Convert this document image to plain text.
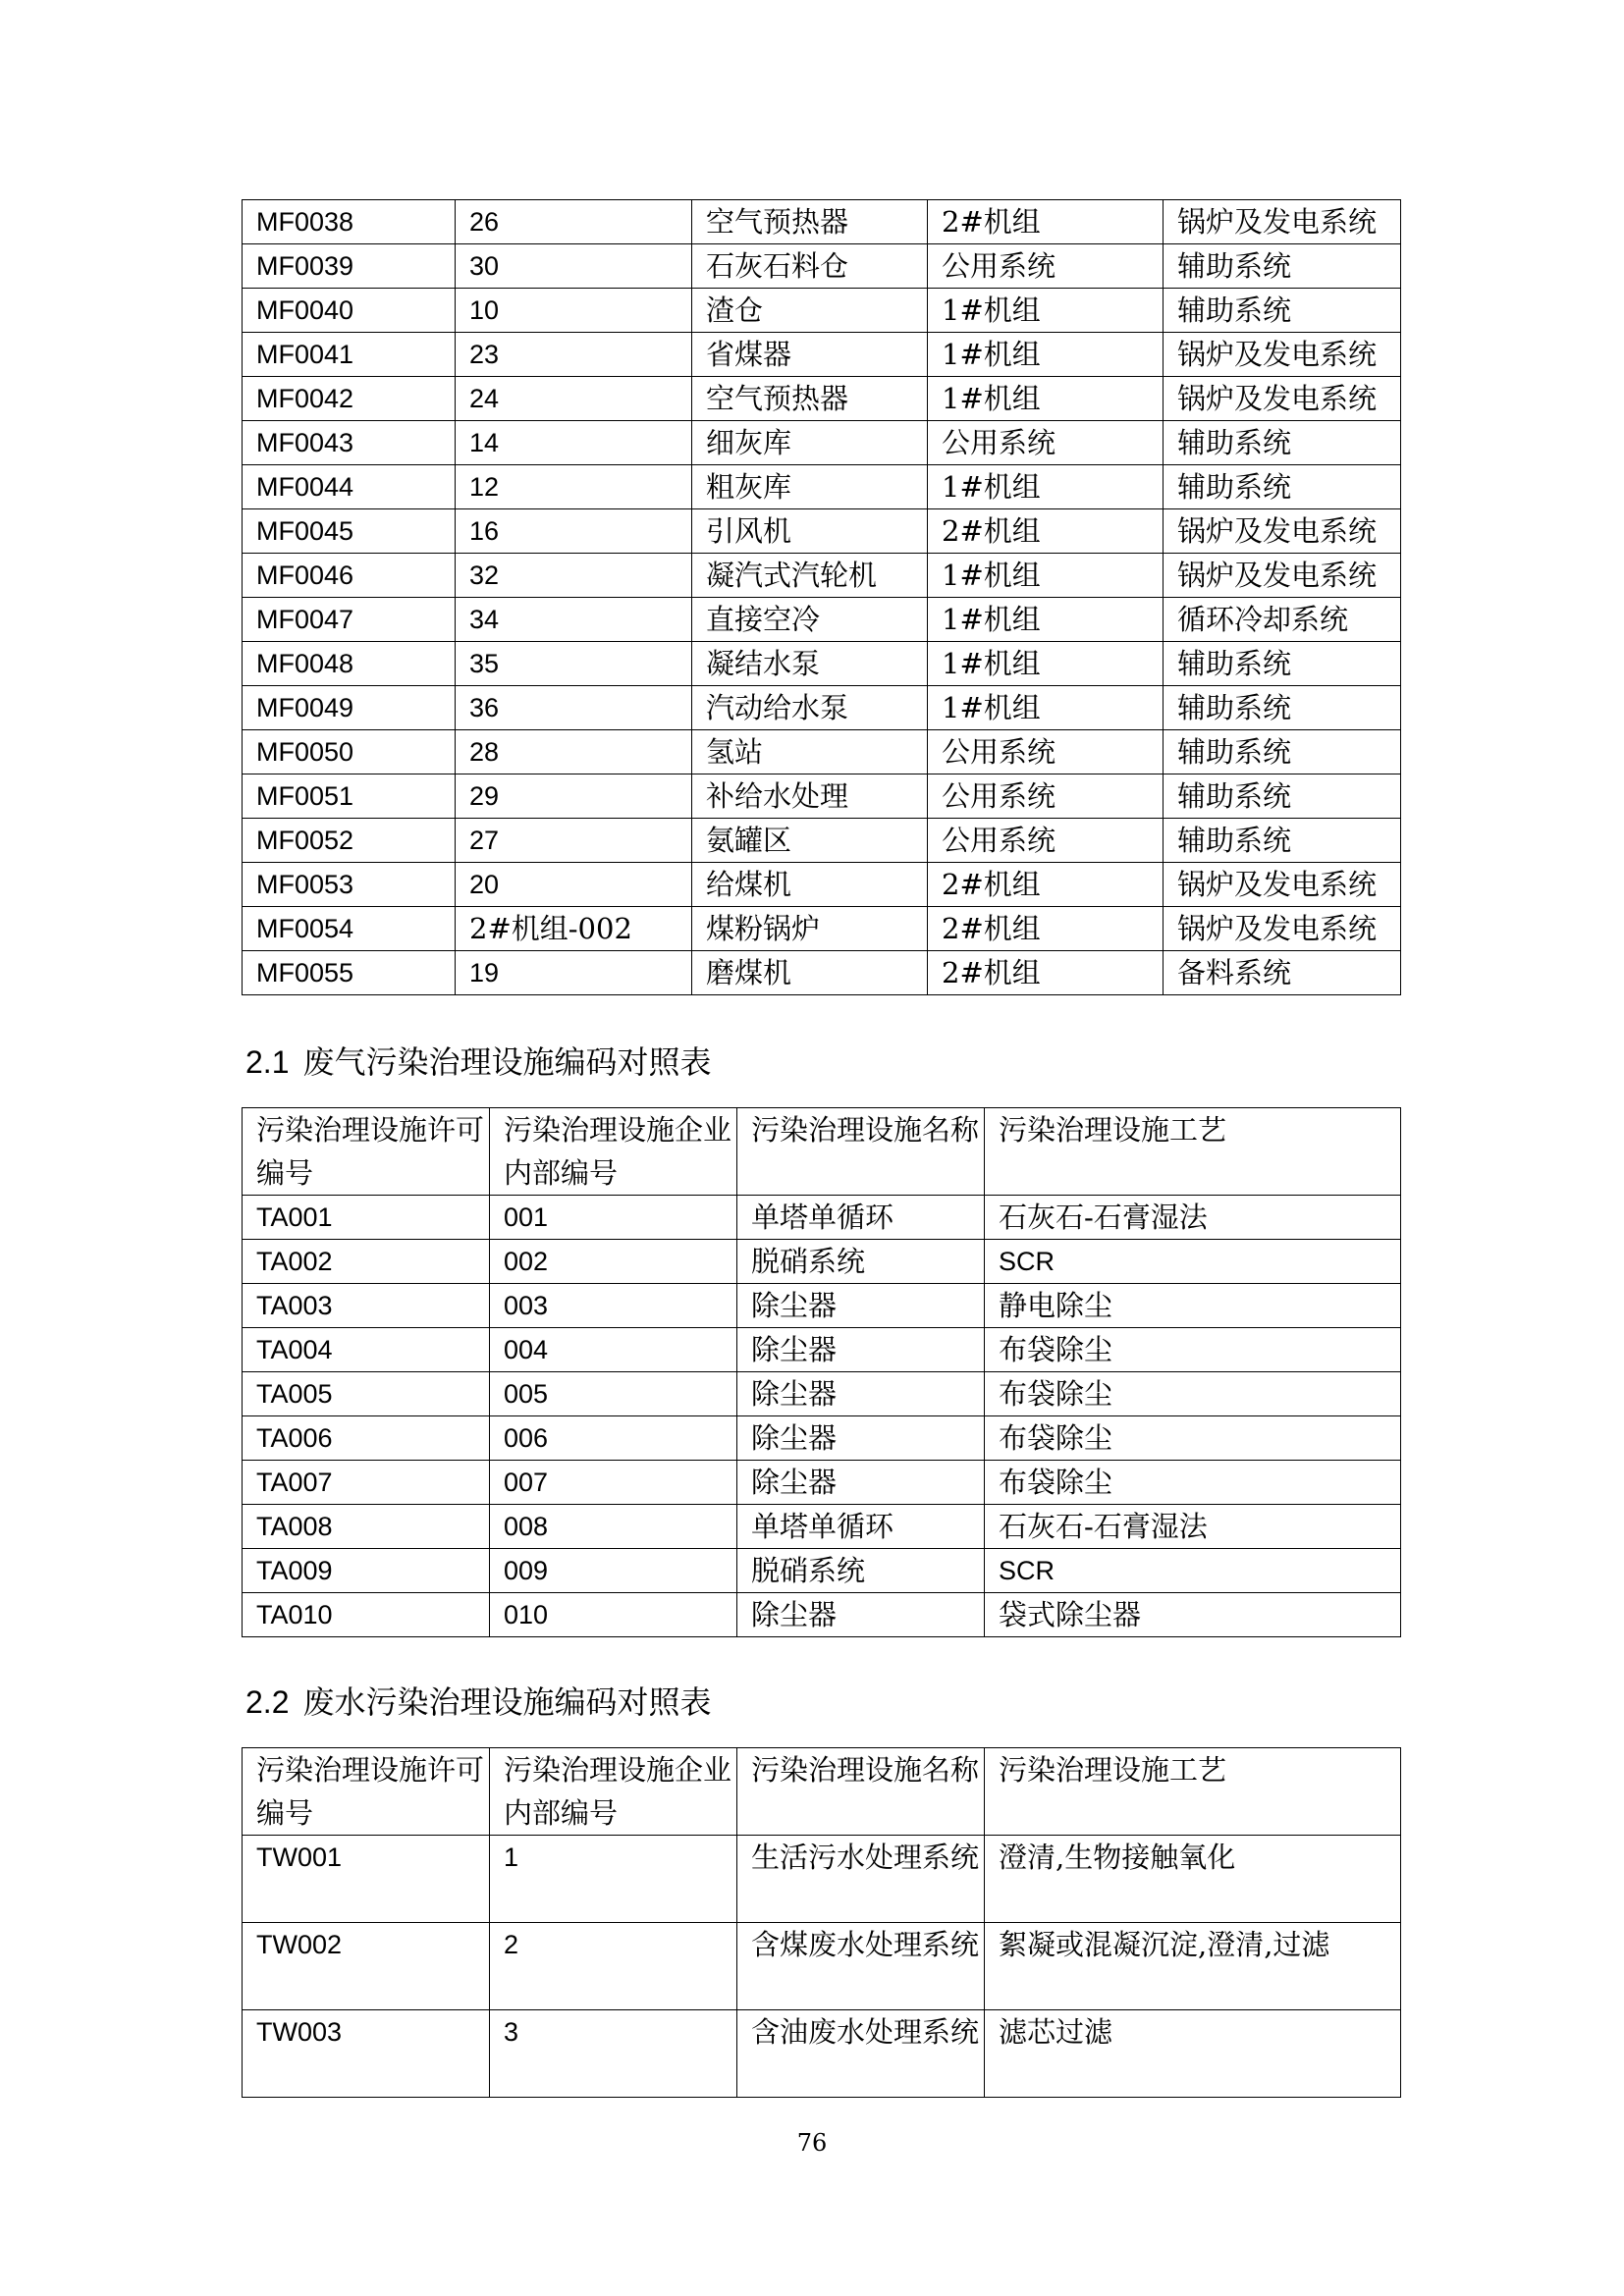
MF0038	26	空气预热器	2#机组	锅炉及发电系统
MF0039	30	石灰石料仓	公用系统	辅助系统
MF0040	10	渣仓	1#机组	辅助系统
MF0041	23	省煤器	1#机组	锅炉及发电系统
MF0042	24	空气预热器	1#机组	锅炉及发电系统
MF0043	14	细灰库	公用系统	辅助系统
MF0044	12	粗灰库	1#机组	辅助系统
MF0045	16	引风机	2#机组	锅炉及发电系统
MF0046	32	凝汽式汽轮机	1#机组	锅炉及发电系统
MF0047	34	直接空冷	1#机组	循环冷却系统
MF0048	35	凝结水泵	1#机组	辅助系统
MF0049	36	汽动给水泵	1#机组	辅助系统
MF0050	28	氢站	公用系统	辅助系统
MF0051	29	补给水处理	公用系统	辅助系统
MF0052	27	氨罐区	公用系统	辅助系统
MF0053	20	给煤机	2#机组	锅炉及发电系统
MF0054	2#机组-002	煤粉锅炉	2#机组	锅炉及发电系统
MF0055	19	磨煤机	2#机组	备料系统
2.1 废气污染治理设施编码对照表
污染治理设施许可编号	污染治理设施企业内部编号	污染治理设施名称	污染治理设施工艺
TA001	001	单塔单循环	石灰石-石膏湿法
TA002	002	脱硝系统	SCR
TA003	003	除尘器	静电除尘
TA004	004	除尘器	布袋除尘
TA005	005	除尘器	布袋除尘
TA006	006	除尘器	布袋除尘
TA007	007	除尘器	布袋除尘
TA008	008	单塔单循环	石灰石-石膏湿法
TA009	009	脱硝系统	SCR
TA010	010	除尘器	袋式除尘器
2.2 废水污染治理设施编码对照表
污染治理设施许可编号	污染治理设施企业内部编号	污染治理设施名称	污染治理设施工艺
TW001	1	生活污水处理系统	澄清,生物接触氧化
TW002	2	含煤废水处理系统	絮凝或混凝沉淀,澄清,过滤
TW003	3	含油废水处理系统	滤芯过滤
76
